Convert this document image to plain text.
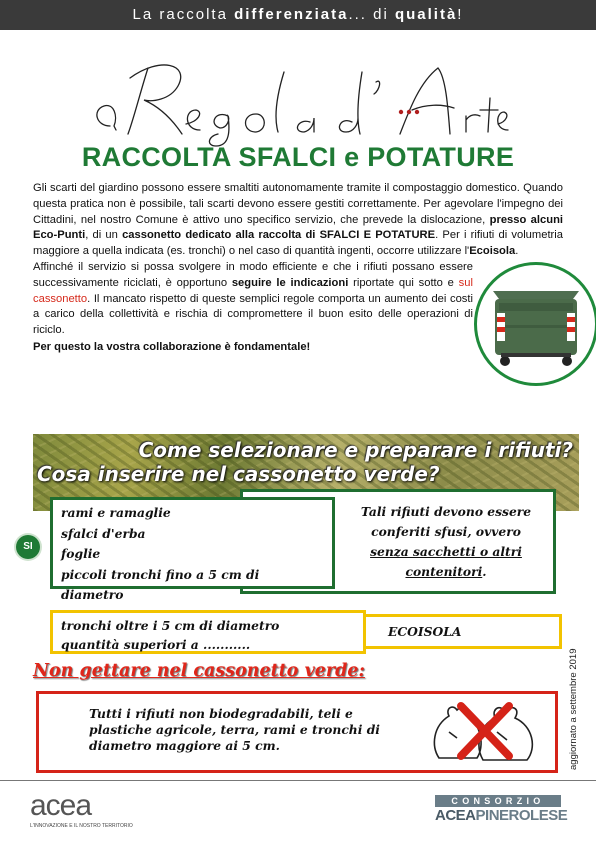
La raccolta differenziata... di qualità!
RACCOLTA SFALCI e POTATURE

Gli scarti del giardino possono essere smaltiti autonomamente tramite il compostaggio domestico. Quando questa pratica non è possibile, tali scarti devono essere gestiti correttamente. Per agevolare l'impegno dei Cittadini, nel nostro Comune è attivo uno specifico servizio, che prevede la dislocazione, presso alcuni Eco-Punti, di un cassonetto dedicato alla raccolta di SFALCI E POTATURE. Per i rifiuti di volumetria maggiore a quella indicata (es. tronchi) o nel caso di quantità ingenti, occorre utilizzare l'Ecoisola.

Affinché il servizio si possa svolgere in modo efficiente e che i rifiuti possano essere successivamente riciclati, è opportuno seguire le indicazioni riportate qui sotto e sul cassonetto. Il mancato rispetto di queste semplici regole comporta un aumento dei costi a carico della collettività e rischia di compromettere il buon esito delle operazioni di riciclo.

Per questo la vostra collaborazione è fondamentale!

Come selezionare e preparare i rifiuti?
Cosa inserire nel cassonetto verde?
Tali rifiuti devono essere conferiti sfusi, ovvero
senza sacchetti o altri contenitori.
rami e ramaglie
sfalci d'erba
foglie
piccoli tronchi fino a 5 cm di diametro
SI
ECOISOLA
tronchi oltre i 5 cm di diametro
quantità superiori a ...........
Non gettare nel cassonetto verde:
Tutti i rifiuti non biodegradabili, teli e plastiche agricole, terra, rami e tronchi di diametro maggiore ai 5 cm.	aggiornato a settembre 2019
acea
L'INNOVAZIONE E IL NOSTRO TERRITORIO
CONSORZIO
ACEAPINEROLESE
